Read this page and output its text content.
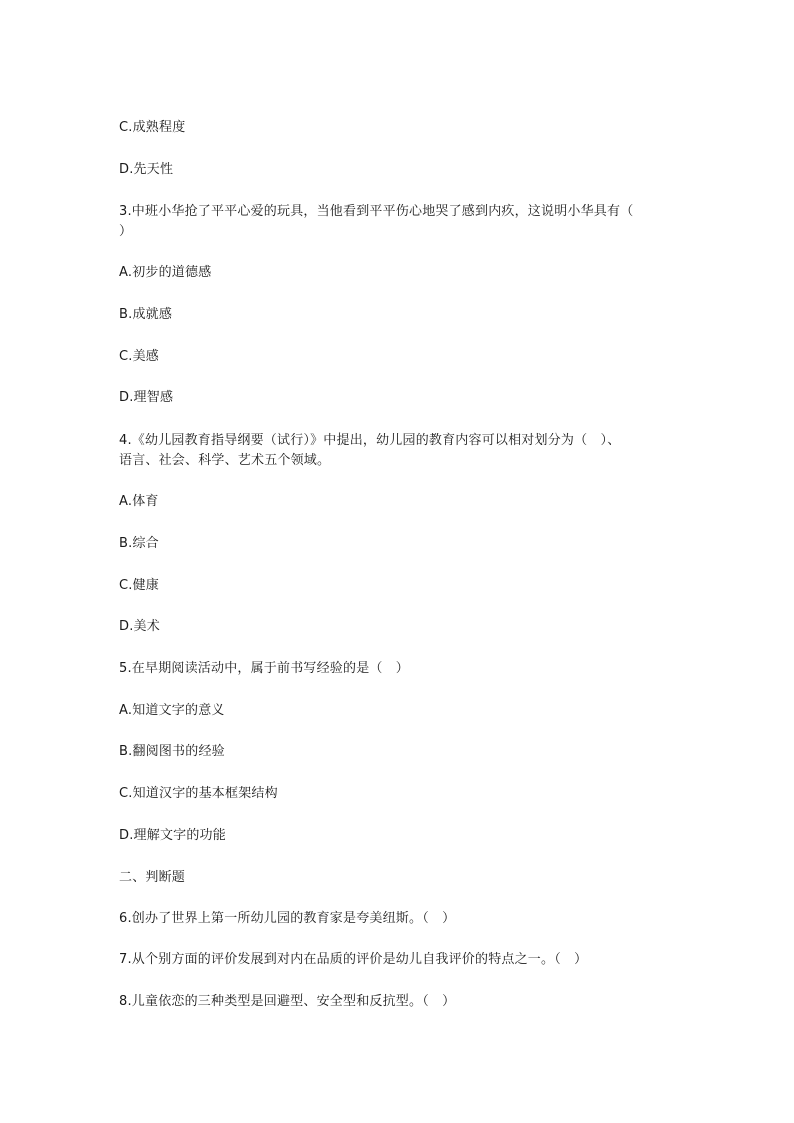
C.成熟程度
D.先天性
3.中班小华抢了平平心爱的玩具，当他看到平平伤心地哭了感到内疚，这说明小华具有（
）
A.初步的道德感
B.成就感
C.美感
D.理智感
4.《幼儿园教育指导纲要（试行）》中提出，幼儿园的教育内容可以相对划分为（　）、
语言、社会、科学、艺术五个领域。
A.体育
B.综合
C.健康
D.美术
5.在早期阅读活动中，属于前书写经验的是（　）
A.知道文字的意义
B.翻阅图书的经验
C.知道汉字的基本框架结构
D.理解文字的功能
二、判断题
6.创办了世界上第一所幼儿园的教育家是夸美纽斯。（　）
7.从个别方面的评价发展到对内在品质的评价是幼儿自我评价的特点之一。（　）
8.儿童依恋的三种类型是回避型、安全型和反抗型。（　）
